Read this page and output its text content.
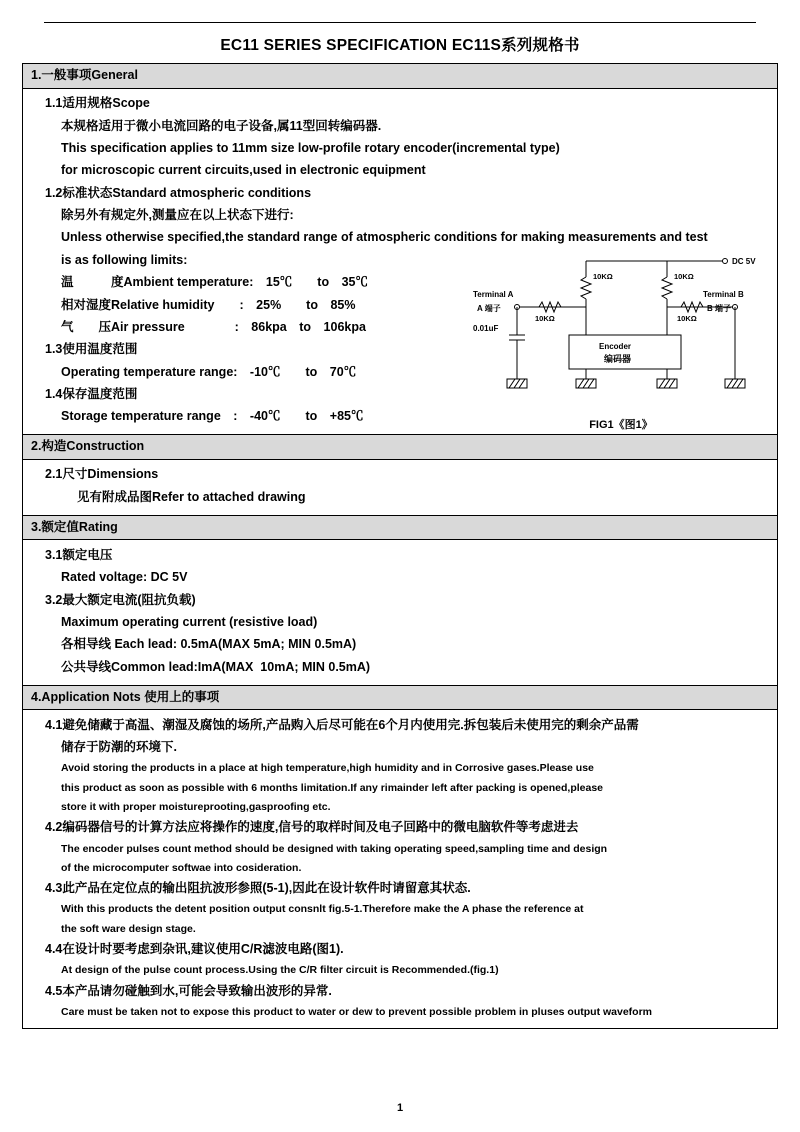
EC11 SERIES SPECIFICATION EC11S系列规格书
1.一般事项General
1.1适用规格Scope
本规格适用于微小电流回路的电子设备,属11型回转编码器.
This specification applies to 11mm size low-profile rotary encoder(incremental type)
for microscopic current circuits,used in electronic equipment
1.2标准状态Standard atmospheric conditions
除另外有规定外,测量应在以上状态下进行:
Unless otherwise specified,the standard range of atmospheric conditions for making measurements and test
is as following limits:
温　　　度Ambient temperature:　15℃　　to　35℃
相对湿度Relative humidity　　:　25%　　to　85%
气　　压Air pressure　　　　:　86kpa　to　106kpa
1.3使用温度范围
Operating temperature range:　-10℃　　to　70℃
1.4保存温度范围
Storage temperature range　:　-40℃　　to　+85℃
DC 5V
10KΩ	10KΩ
Terminal A
A 端子
Terminal B
B 端子
10KΩ	10KΩ
Encoder
编码器
0.01uF
FIG1《图1》
2.构造Construction
2.1尺寸Dimensions
见有附成品图Refer to attached drawing
3.额定值Rating
3.1额定电压
Rated voltage: DC 5V
3.2最大额定电流(阻抗负载)
Maximum operating current (resistive load)
各相导线 Each lead: 0.5mA(MAX 5mA; MIN 0.5mA)
公共导线Common lead:ImA(MAX  10mA; MIN 0.5mA)
4.Application Nots 使用上的事项
4.1避免储藏于高温、潮湿及腐蚀的场所,产品购入后尽可能在6个月内使用完.拆包装后未使用完的剩余产品需
储存于防潮的环境下.
Avoid storing the products in a place at high temperature,high humidity and in Corrosive gases.Please use
this product as soon as possible with 6 months limitation.If any rimainder left after packing is opened,please
store it with proper moistureprooting,gasproofing etc.
4.2编码器信号的计算方法应将操作的速度,信号的取样时间及电子回路中的微电脑软件等考虑进去
The encoder pulses count method should be designed with taking operating speed,sampling time and design
of the microcomputer softwae into cosideration.
4.3此产品在定位点的输出阻抗波形参照(5-1),因此在设计软件时请留意其状态.
With this products the detent position output consnlt fig.5-1.Therefore make the A phase the reference at
the soft ware design stage.
4.4在设计时要考虑到杂讯,建议使用C/R滤波电路(图1).
At design of the pulse count process.Using the C/R filter circuit is Recommended.(fig.1)
4.5本产品请勿碰触到水,可能会导致输出波形的异常.
Care must be taken not to expose this product to water or dew to prevent possible problem in pluses output waveform
1
